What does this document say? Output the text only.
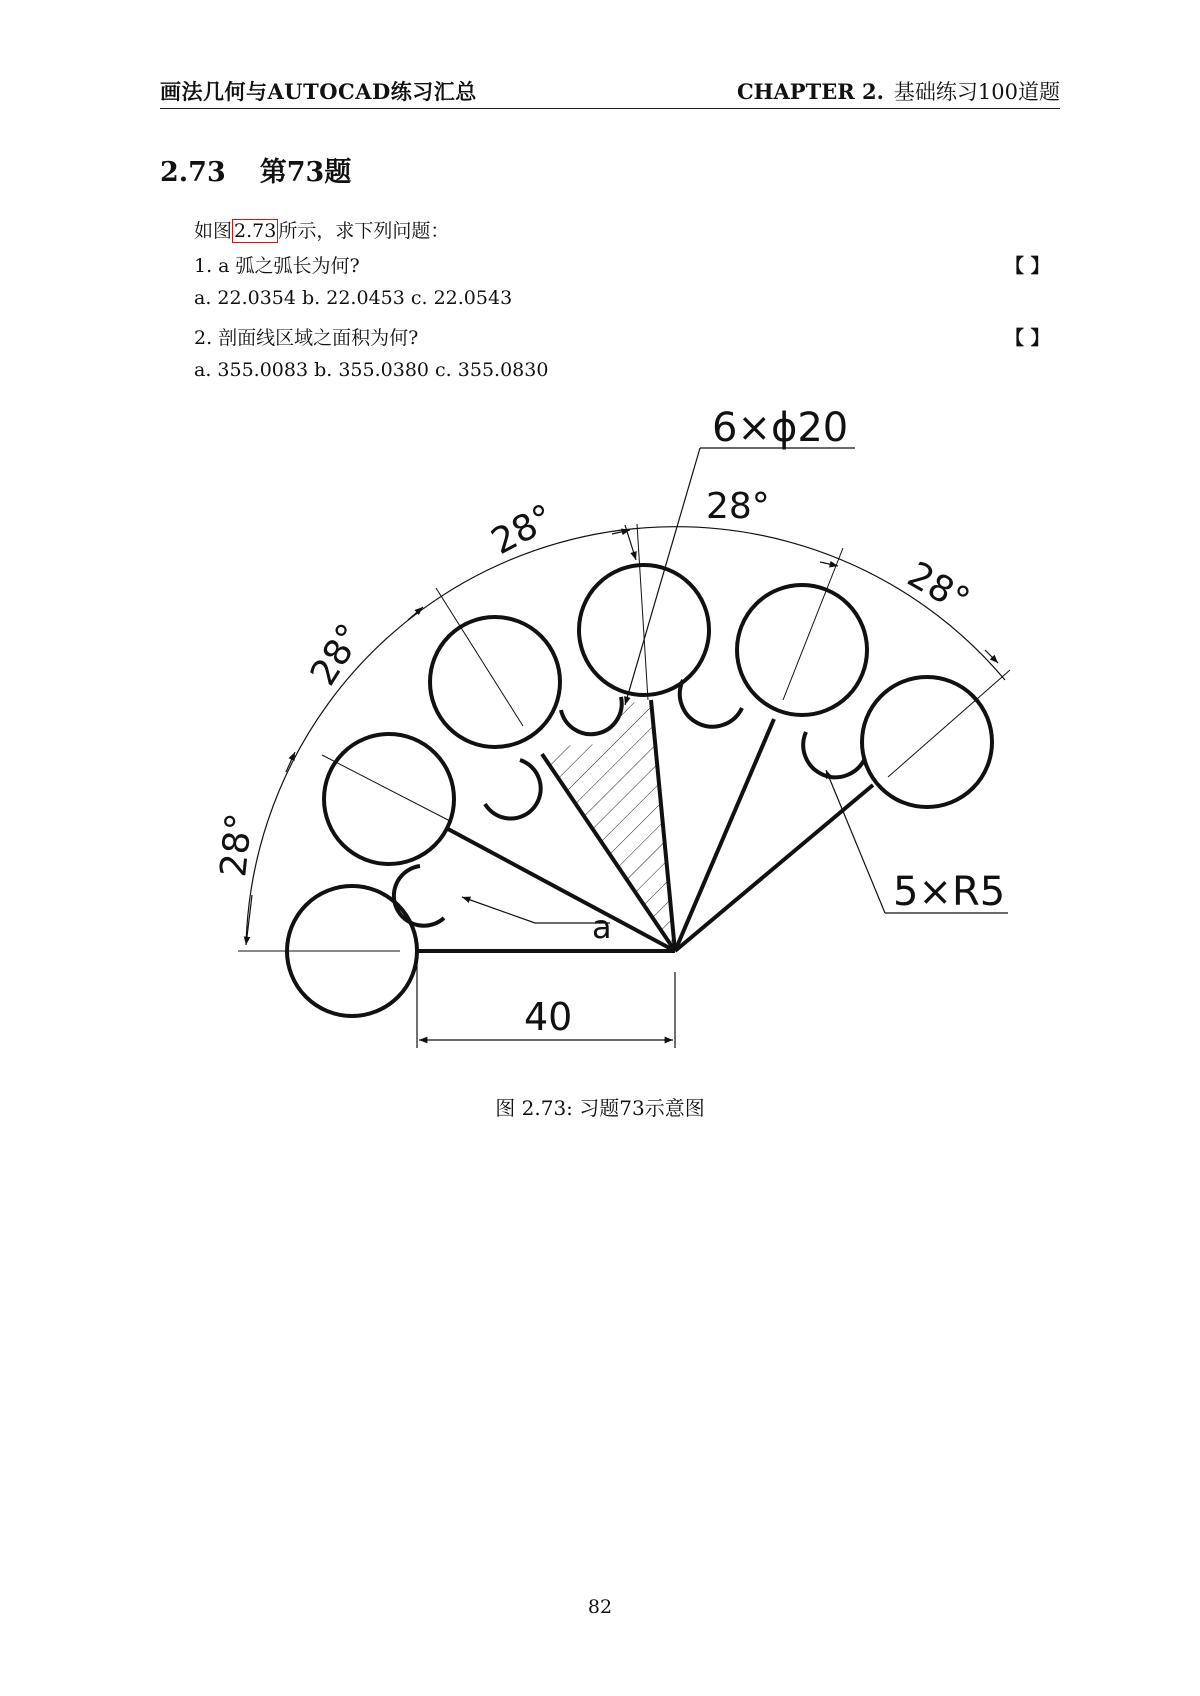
画法几何与AUTOCAD练习汇总	CHAPTER 2. 基础练习100道题
2.73 第73题
如图 2.73 所示，求下列问题：
1. a 弧之弧长为何?	【 】
a. 22.0354 b. 22.0453 c. 22.0543
2. 剖面线区域之面积为何?	【 】
a. 355.0083 b. 355.0380 c. 355.0830
6×ϕ20
28°
28°
28°
28°
28°
5×R5
a
40
图 2.73: 习题73示意图
82
